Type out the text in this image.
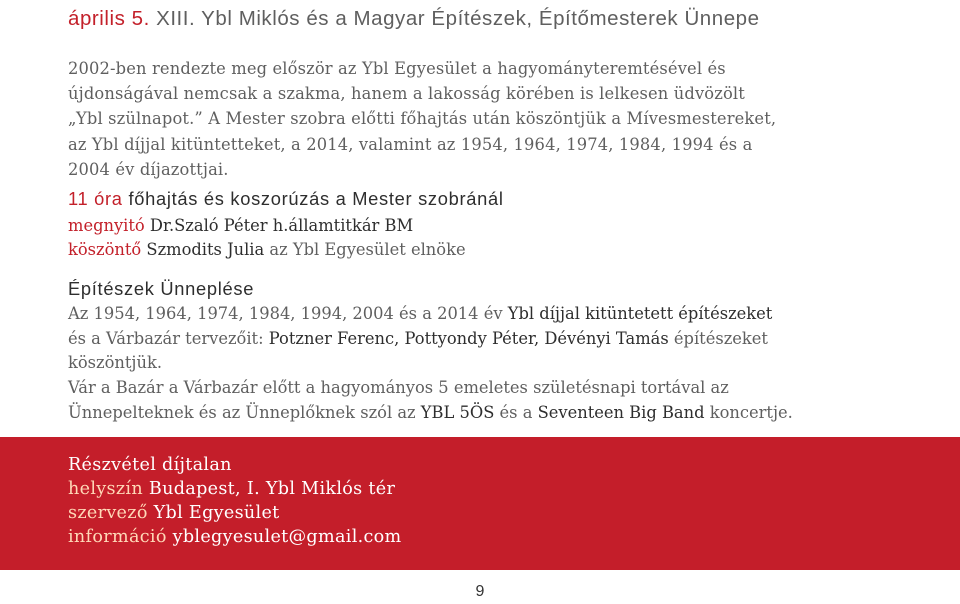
április 5. XIII. Ybl Miklós és a Magyar Építészek, Építőmesterek Ünnepe
2002-ben rendezte meg először az Ybl Egyesület a hagyományteremtésével és
újdonságával nemcsak a szakma, hanem a lakosság körében is lelkesen üdvözölt
„Ybl szülnapot.” A Mester szobra előtti főhajtás után köszöntjük a Mívesmestereket,
az Ybl díjjal kitüntetteket, a 2014, valamint az 1954, 1964, 1974, 1984, 1994 és a
2004 év díjazottjai.
11 óra főhajtás és koszorúzás a Mester szobránál
megnyitó Dr.Szaló Péter h.államtitkár BM
köszöntő Szmodits Julia az Ybl Egyesület elnöke
Építészek Ünneplése
Az 1954, 1964, 1974, 1984, 1994, 2004 és a 2014 év Ybl díjjal kitüntetett építészeket
és a Várbazár tervezőit: Potzner Ferenc, Pottyondy Péter, Dévényi Tamás építészeket
köszöntjük.
Vár a Bazár a Várbazár előtt a hagyományos 5 emeletes születésnapi tortával az
Ünnepelteknek és az Ünneplőknek szól az YBL 5ÖS és a Seventeen Big Band koncertje.
Részvétel díjtalan
helyszín Budapest, I. Ybl Miklós tér
szervező Ybl Egyesület
információ yblegyesulet@gmail.com
9
